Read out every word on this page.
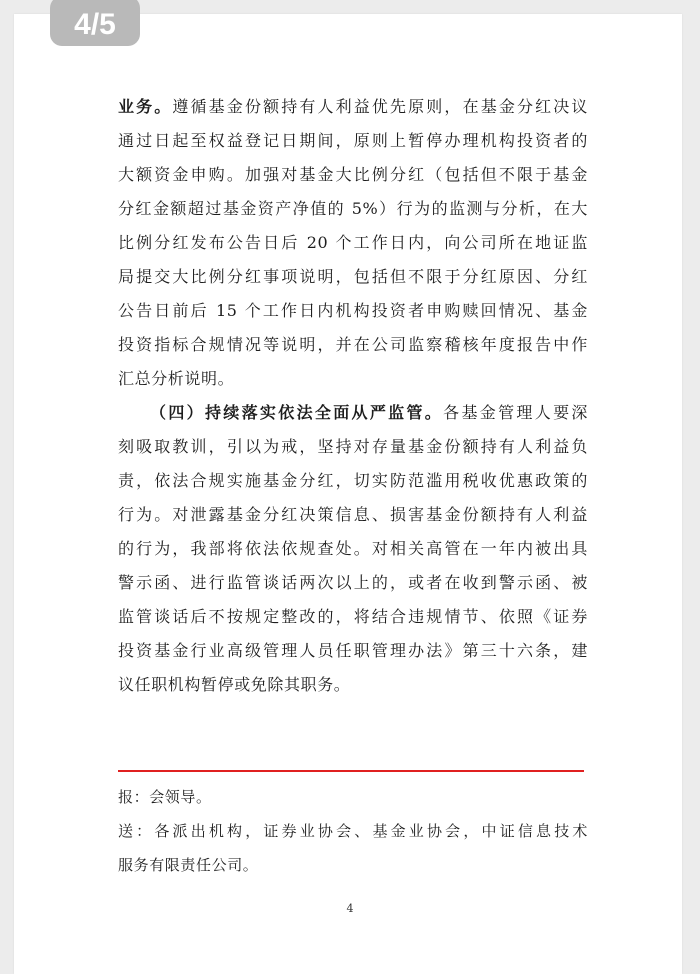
4/5
业务。遵循基金份额持有人利益优先原则，在基金分红决议
通过日起至权益登记日期间，原则上暂停办理机构投资者的
大额资金申购。加强对基金大比例分红（包括但不限于基金
分红金额超过基金资产净值的 5%）行为的监测与分析，在大
比例分红发布公告日后 20 个工作日内，向公司所在地证监
局提交大比例分红事项说明，包括但不限于分红原因、分红
公告日前后 15 个工作日内机构投资者申购赎回情况、基金
投资指标合规情况等说明，并在公司监察稽核年度报告中作
汇总分析说明。
（四）持续落实依法全面从严监管。各基金管理人要深
刻吸取教训，引以为戒，坚持对存量基金份额持有人利益负
责，依法合规实施基金分红，切实防范滥用税收优惠政策的
行为。对泄露基金分红决策信息、损害基金份额持有人利益
的行为，我部将依法依规查处。对相关高管在一年内被出具
警示函、进行监管谈话两次以上的，或者在收到警示函、被
监管谈话后不按规定整改的，将结合违规情节、依照《证券
投资基金行业高级管理人员任职管理办法》第三十六条，建
议任职机构暂停或免除其职务。
报：会领导。
送：各派出机构，证券业协会、基金业协会，中证信息技术
服务有限责任公司。
4
